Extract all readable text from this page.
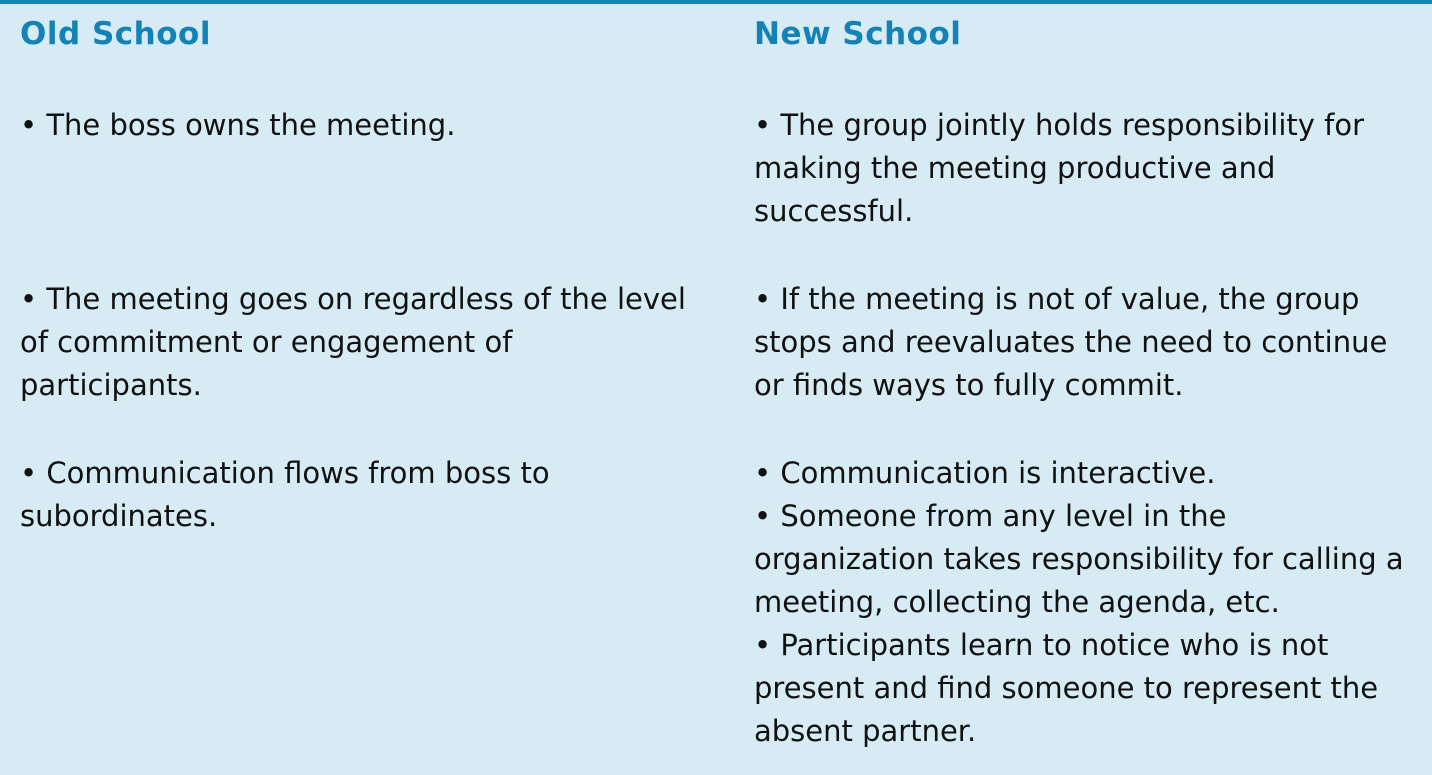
Old School

• The boss owns the meeting.

• The meeting goes on regardless of the level of commitment or engagement of participants.

• Communication flows from boss to subordinates.

New School

• The group jointly holds responsibility for making the meeting productive and successful.

• If the meeting is not of value, the group stops and reevaluates the need to continue or finds ways to fully commit.

• Communication is interactive.

• Someone from any level in the organization takes responsibility for calling a meeting, collecting the agenda, etc.

• Participants learn to notice who is not present and find someone to represent the absent partner.
